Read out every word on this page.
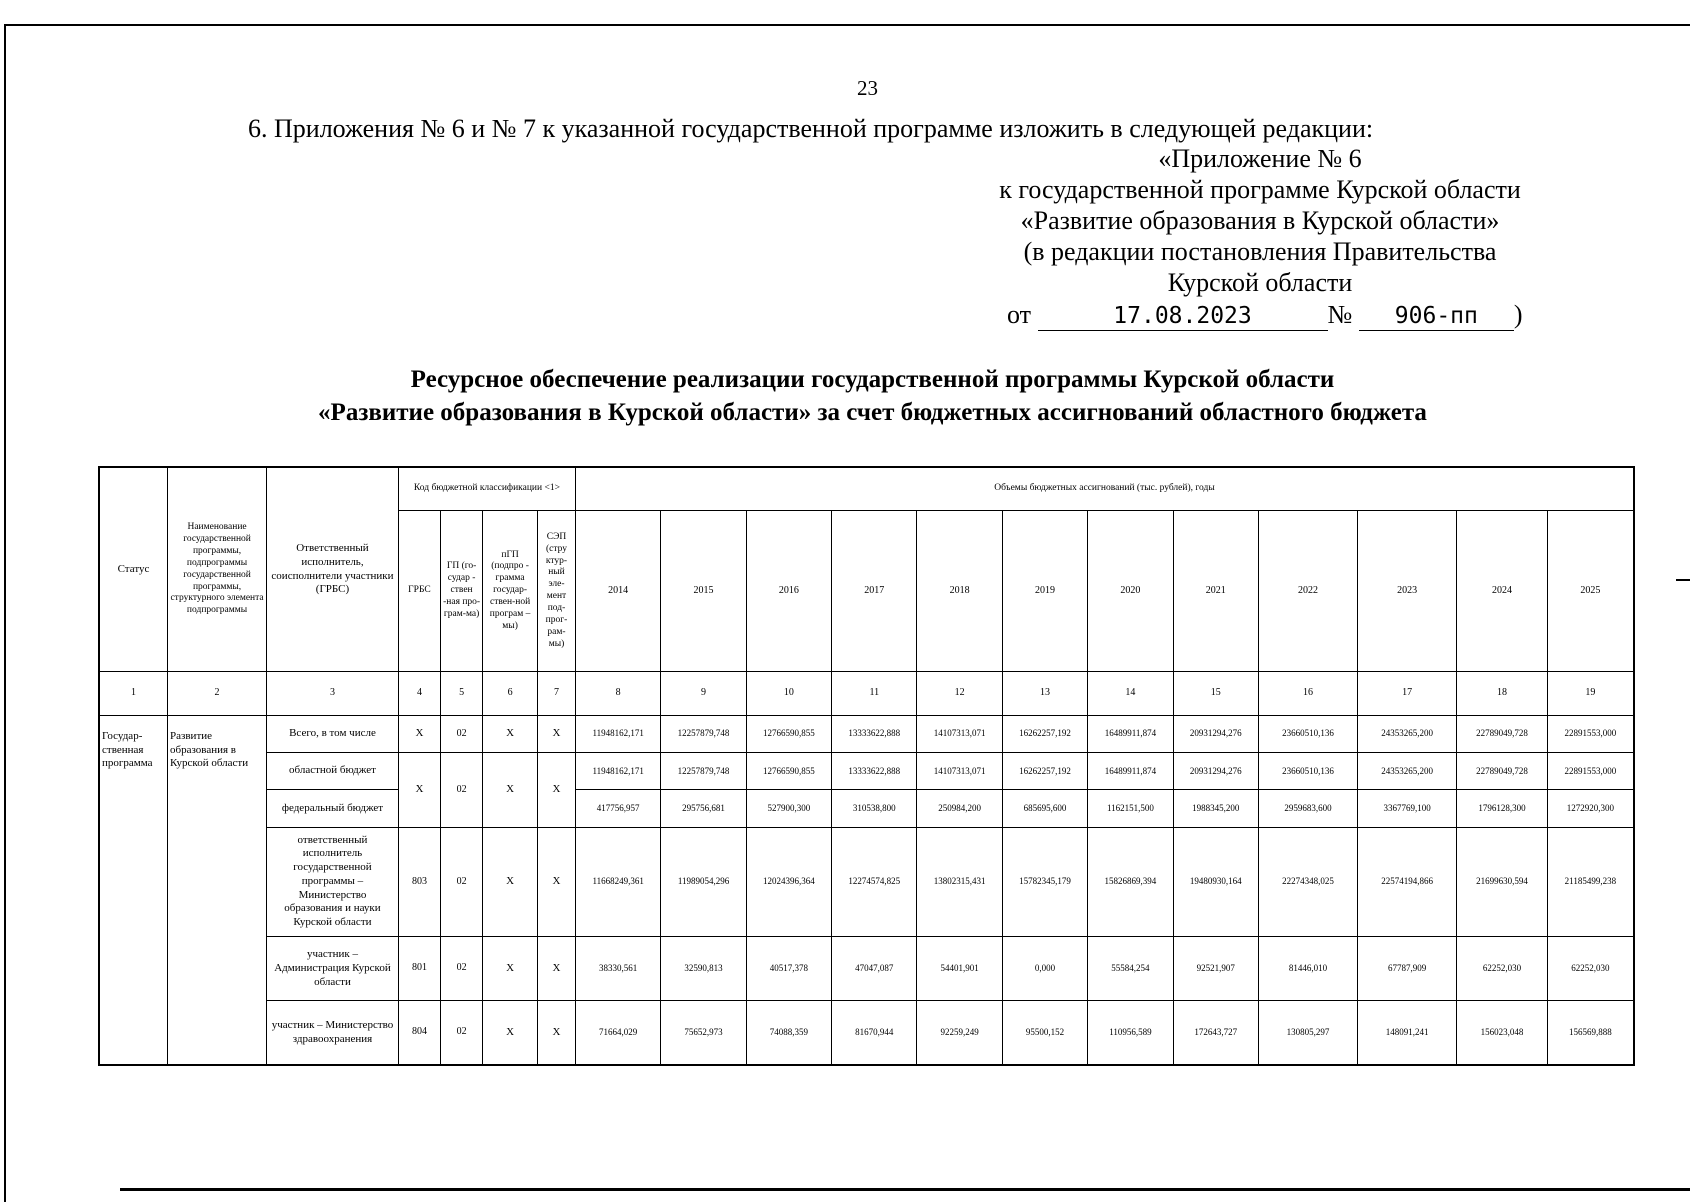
23
6. Приложения № 6 и № 7 к указанной государственной программе изложить в следующей редакции:
«Приложение № 6
к государственной программе Курской области
«Развитие образования в Курской области»
(в редакции постановления Правительства
Курской области
от	17.08.2023	№ 906-пп )
Ресурсное обеспечение реализации государственной программы Курской области
«Развитие образования в Курской области» за счет бюджетных ассигнований областного бюджета
Статус	Наименование государственной программы, подпрограммы государственной программы, структурного элемента подпрограммы	Ответственный исполнитель, соисполнители участники (ГРБС)	Код бюджетной классификации <1>				Объемы бюджетных ассигнований (тыс. рублей), годы											
			ГРБС	ГП (го-судар - ствен -ная про-грам-ма)	пГП (подпро - грамма государ-ствен-ной програм – мы)	СЭП (стру ктур-ный эле-мент под-прог-рам-мы)	2014	2015	2016	2017	2018	2019	2020	2021	2022	2023	2024	2025
1	2	3	4	5	6	7	8	9	10	11	12	13	14	15	16	17	18	19
Государ-ственная программа	Развитие образования в Курской области	Всего, в том числе	Х	02	Х	Х	11948162,171	12257879,748	12766590,855	13333622,888	14107313,071	16262257,192	16489911,874	20931294,276	23660510,136	24353265,200	22789049,728	22891553,000
		областной бюджет	Х	02	Х	Х	11948162,171	12257879,748	12766590,855	13333622,888	14107313,071	16262257,192	16489911,874	20931294,276	23660510,136	24353265,200	22789049,728	22891553,000
		федеральный бюджет					417756,957	295756,681	527900,300	310538,800	250984,200	685695,600	1162151,500	1988345,200	2959683,600	3367769,100	1796128,300	1272920,300
		ответственный исполнитель государственной программы – Министерство образования и науки Курской области	803	02	Х	Х	11668249,361	11989054,296	12024396,364	12274574,825	13802315,431	15782345,179	15826869,394	19480930,164	22274348,025	22574194,866	21699630,594	21185499,238
		участник – Администрация Курской области	801	02	Х	Х	38330,561	32590,813	40517,378	47047,087	54401,901	0,000	55584,254	92521,907	81446,010	67787,909	62252,030	62252,030
		участник – Министерство здравоохранения	804	02	Х	Х	71664,029	75652,973	74088,359	81670,944	92259,249	95500,152	110956,589	172643,727	130805,297	148091,241	156023,048	156569,888
